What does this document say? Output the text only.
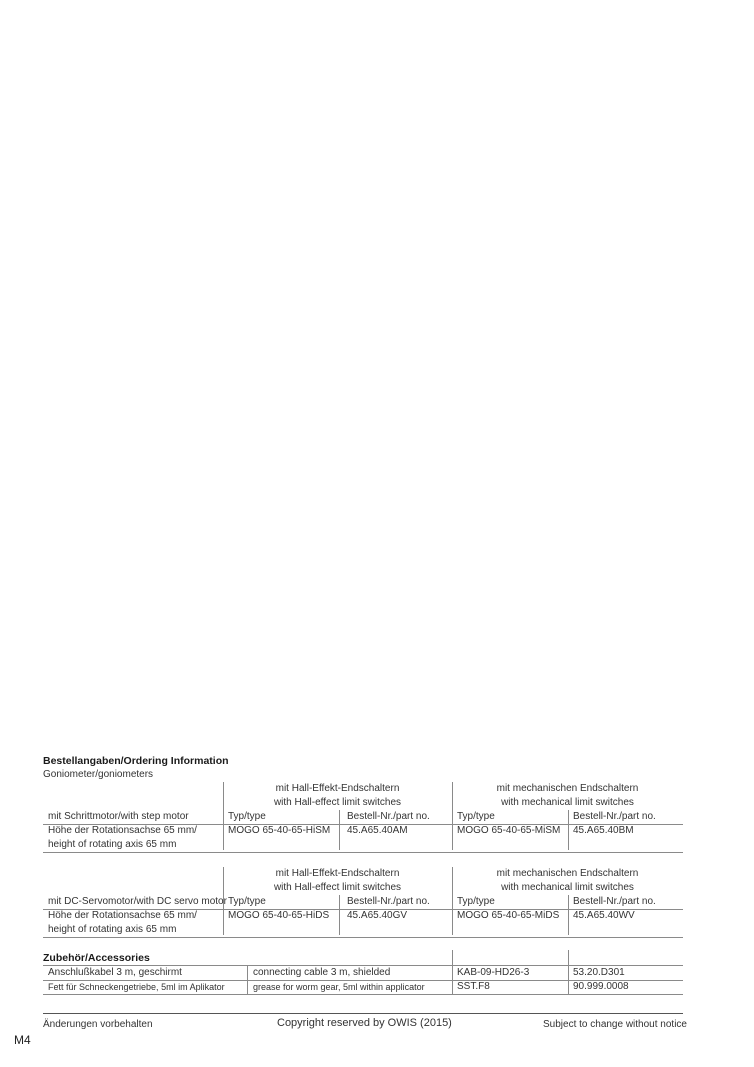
Bestellangaben/Ordering Information
Goniometer/goniometers
mit Hall-Effekt-Endschaltern	mit mechanischen Endschaltern
with Hall-effect limit switches	with mechanical limit switches
mit Schrittmotor/with step motor	Typ/type	Bestell-Nr./part no.	Typ/type	Bestell-Nr./part no.
Höhe der Rotationsachse 65 mm/	MOGO 65-40-65-HiSM 45.A65.40AM	MOGO 65-40-65-MiSM 45.A65.40BM
height of rotating axis 65 mm
mit Hall-Effekt-Endschaltern	mit mechanischen Endschaltern
with Hall-effect limit switches	with mechanical limit switches
mit DC-Servomotor/with DC servo motor Typ/type	Bestell-Nr./part no.	Typ/type	Bestell-Nr./part no.
Höhe der Rotationsachse 65 mm/	MOGO 65-40-65-HiDS 45.A65.40GV	MOGO 65-40-65-MiDS 45.A65.40WV
height of rotating axis 65 mm
Zubehör/Accessories
Anschlußkabel 3 m, geschirmt	connecting cable 3 m, shielded	KAB-09-HD26-3	53.20.D301
Fett für Schneckengetriebe, 5ml im Aplikator	grease for worm gear, 5ml within applicator	SST.F8	90.999.0008
Änderungen vorbehalten	Copyright reserved by OWIS (2015)	Subject to change without notice
M4
